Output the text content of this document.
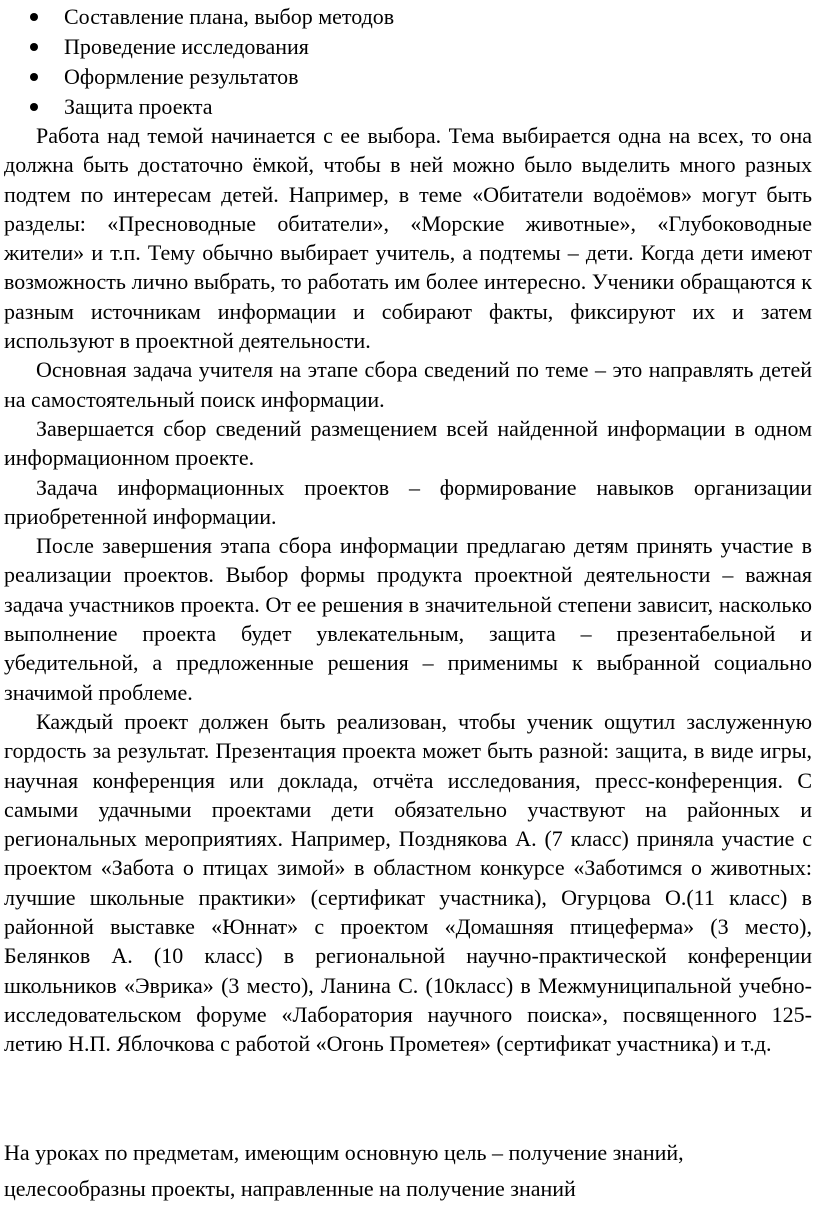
Составление плана, выбор методов
Проведение исследования
Оформление результатов
Защита проекта

Работа над темой начинается с ее выбора. Тема выбирается одна на всех, то она должна быть достаточно ёмкой, чтобы в ней можно было выделить много разных подтем по интересам детей. Например, в теме «Обитатели водоёмов» могут быть разделы: «Пресноводные обитатели», «Морские животные», «Глубоководные жители» и т.п. Тему обычно выбирает учитель, а подтемы – дети. Когда дети имеют возможность лично выбрать, то работать им более интересно. Ученики обращаются к разным источникам информации и собирают факты, фиксируют их и затем используют в проектной деятельности.

Основная задача учителя на этапе сбора сведений по теме – это направлять детей на самостоятельный поиск информации.

Завершается сбор сведений размещением всей найденной информации в одном информационном проекте.

Задача информационных проектов – формирование навыков организации приобретенной информации.

После завершения этапа сбора информации предлагаю детям принять участие в реализации проектов. Выбор формы продукта проектной деятельности – важная задача участников проекта. От ее решения в значительной степени зависит, насколько выполнение проекта будет увлекательным, защита – презентабельной и убедительной, а предложенные решения – применимы к выбранной социально значимой проблеме.

Каждый проект должен быть реализован, чтобы ученик ощутил заслуженную гордость за результат. Презентация проекта может быть разной: защита, в виде игры, научная конференция или доклада, отчёта исследования, пресс-конференция. С самыми удачными проектами дети обязательно участвуют на районных и региональных мероприятиях. Например, Позднякова А. (7 класс) приняла участие с проектом «Забота о птицах зимой» в областном конкурсе «Заботимся о животных: лучшие школьные практики» (сертификат участника), Огурцова О.(11 класс) в районной выставке «Юннат» с проектом «Домашняя птицеферма» (3 место), Белянков А. (10 класс) в региональной научно-практической конференции школьников «Эврика» (3 место), Ланина С. (10класс) в Межмуниципальной учебно-исследовательском форуме «Лаборатория научного поиска», посвященного 125-летию Н.П. Яблочкова с работой «Огонь Прометея» (сертификат участника) и т.д.

На уроках по предметам, имеющим основную цель – получение знаний,

целесообразны проекты, направленные на получение знаний
